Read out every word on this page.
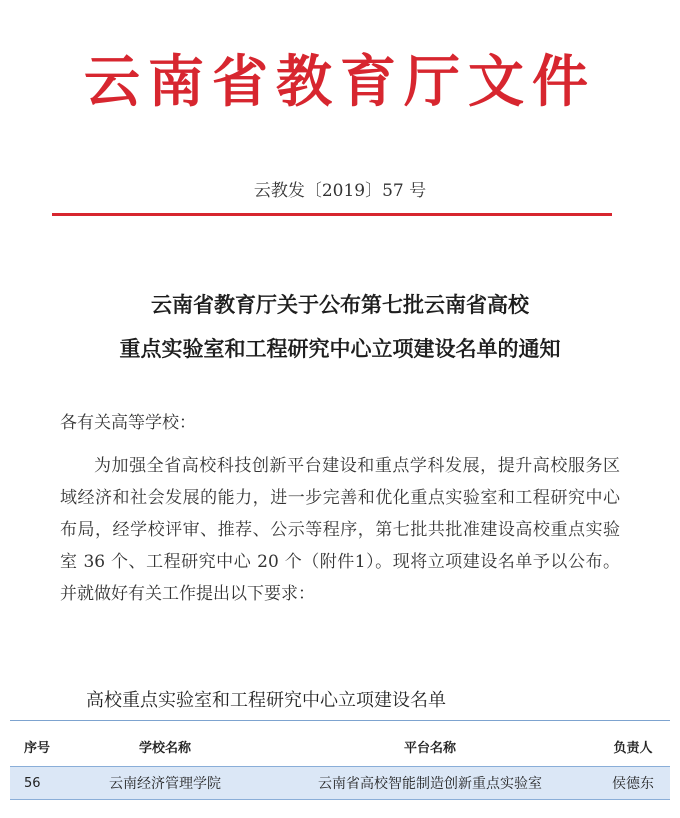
云南省教育厅文件
云教发〔2019〕57 号
云南省教育厅关于公布第七批云南省高校
重点实验室和工程研究中心立项建设名单的通知
各有关高等学校：
为加强全省高校科技创新平台建设和重点学科发展，提升高校服务区域经济和社会发展的能力，进一步完善和优化重点实验室和工程研究中心布局，经学校评审、推荐、公示等程序，第七批共批准建设高校重点实验室 36 个、工程研究中心 20 个（附件1）。现将立项建设名单予以公布。并就做好有关工作提出以下要求：
高校重点实验室和工程研究中心立项建设名单
序号	学校名称	平台名称	负责人
56	云南经济管理学院	云南省高校智能制造创新重点实验室	侯德东
